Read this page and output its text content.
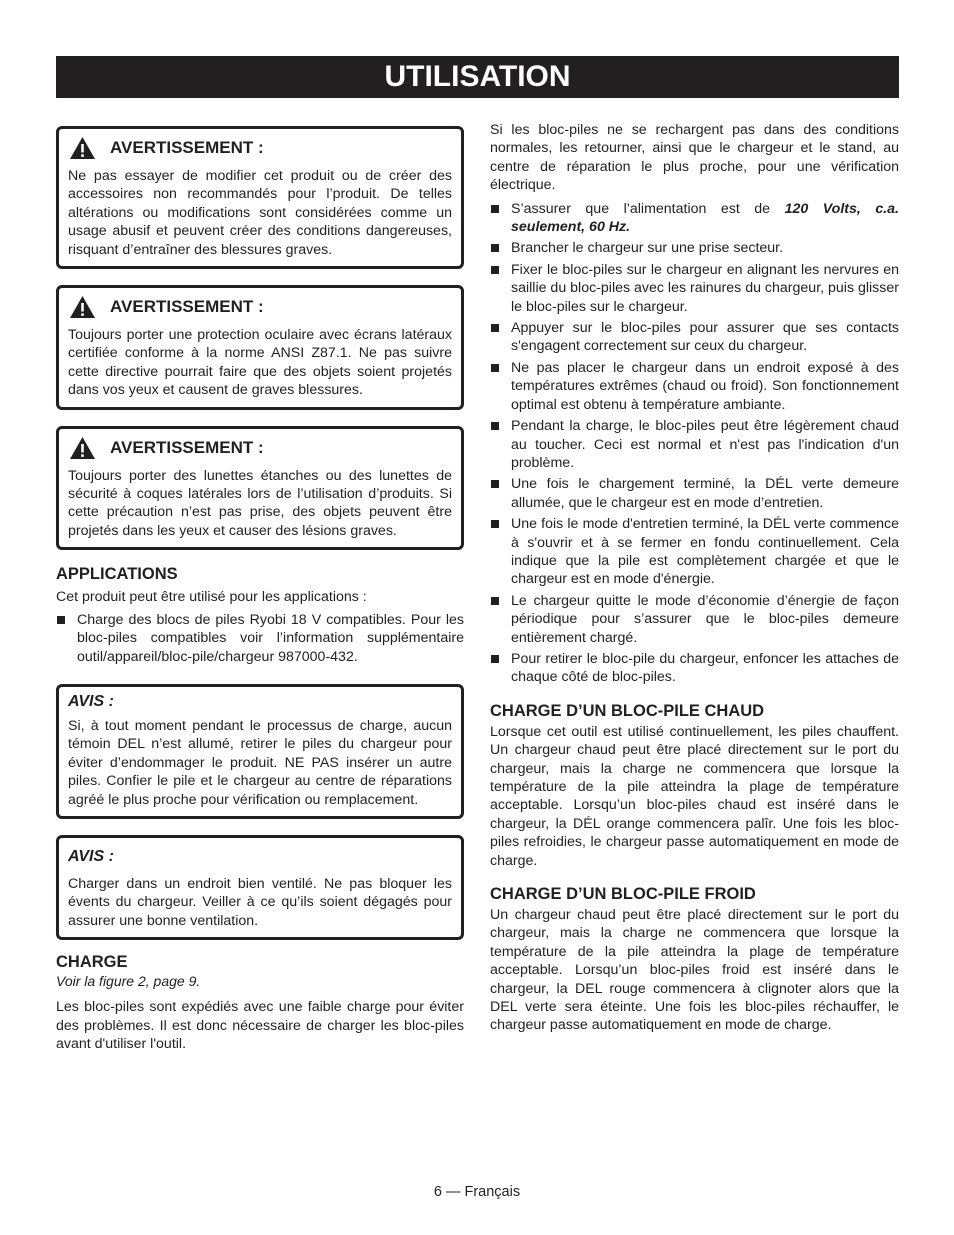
UTILISATION
AVERTISSEMENT :

Ne pas essayer de modifier cet produit ou de créer des accessoires non recommandés pour l’produit. De telles altérations ou modifications sont considérées comme un usage abusif et peuvent créer des conditions dangereuses, risquant d’entraîner des blessures graves.

AVERTISSEMENT :

Toujours porter une protection oculaire avec écrans latéraux certifiée conforme à la norme ANSI Z87.1. Ne pas suivre cette directive pourrait faire que des objets soient projetés dans vos yeux et causent de graves blessures.

AVERTISSEMENT :

Toujours porter des lunettes étanches ou des lunettes de sécurité à coques latérales lors de l’utilisation d’produits. Si cette précaution n’est pas prise, des objets peuvent être projetés dans les yeux et causer des lésions graves.

APPLICATIONS

Cet produit peut être utilisé pour les applications :

Charge des blocs de piles Ryobi 18 V compatibles. Pour les bloc-piles compatibles voir l’information supplémentaire outil/appareil/bloc-pile/chargeur 987000-432.
AVIS :

Si, à tout moment pendant le processus de charge, aucun témoin DEL n’est allumé, retirer le piles du chargeur pour éviter d’endommager le produit. NE PAS insérer un autre piles. Confier le pile et le chargeur au centre de réparations agréé le plus proche pour vérification ou remplacement.

AVIS :

Charger dans un endroit bien ventilé. Ne pas bloquer les évents du chargeur. Veiller à ce qu’ils soient dégagés pour assurer une bonne ventilation.

CHARGE

Voir la figure 2, page 9.

Les bloc-piles sont expédiés avec une faible charge pour éviter des problèmes. Il est donc nécessaire de charger les bloc-piles avant d'utiliser l'outil.

Si les bloc-piles ne se rechargent pas dans des conditions normales, les retourner, ainsi que le chargeur et le stand, au centre de réparation le plus proche, pour une vérification électrique.

S’assurer que l’alimentation est de 120 Volts, c.a. seulement, 60 Hz.
Brancher le chargeur sur une prise secteur.
Fixer le bloc-piles sur le chargeur en alignant les nervures en saillie du bloc-piles avec les rainures du chargeur, puis glisser le bloc-piles sur le chargeur.
Appuyer sur le bloc-piles pour assurer que ses contacts s'engagent correctement sur ceux du chargeur.
Ne pas placer le chargeur dans un endroit exposé à des températures extrêmes (chaud ou froid). Son fonctionnement optimal est obtenu à température ambiante.
Pendant la charge, le bloc-piles peut être légèrement chaud au toucher. Ceci est normal et n'est pas l'indication d'un problème.
Une fois le chargement terminé, la DÉL verte demeure allumée, que le chargeur est en mode d’entretien.
Une fois le mode d'entretien terminé, la DÉL verte commence à s'ouvrir et à se fermer en fondu continuellement. Cela indique que la pile est complètement chargée et que le chargeur est en mode d'énergie.
Le chargeur quitte le mode d’économie d’énergie de façon périodique pour s’assurer que le bloc-piles demeure entièrement chargé.
Pour retirer le bloc-pile du chargeur, enfoncer les attaches de chaque côté de bloc-piles.
CHARGE D’UN BLOC-PILE CHAUD

Lorsque cet outil est utilisé continuellement, les piles chauffent. Un chargeur chaud peut être placé directement sur le port du chargeur, mais la charge ne commencera que lorsque la température de la pile atteindra la plage de température acceptable. Lorsqu’un bloc-piles chaud est inséré dans le chargeur, la DÉL orange commencera palîr. Une fois les bloc-piles refroidies, le chargeur passe automatiquement en mode de charge.

CHARGE D’UN BLOC-PILE FROID

Un chargeur chaud peut être placé directement sur le port du chargeur, mais la charge ne commencera que lorsque la température de la pile atteindra la plage de température acceptable. Lorsqu’un bloc-piles froid est inséré dans le chargeur, la DEL rouge commencera à clignoter alors que la DEL verte sera éteinte. Une fois les bloc-piles réchauffer, le chargeur passe automatiquement en mode de charge.

6 — Français
